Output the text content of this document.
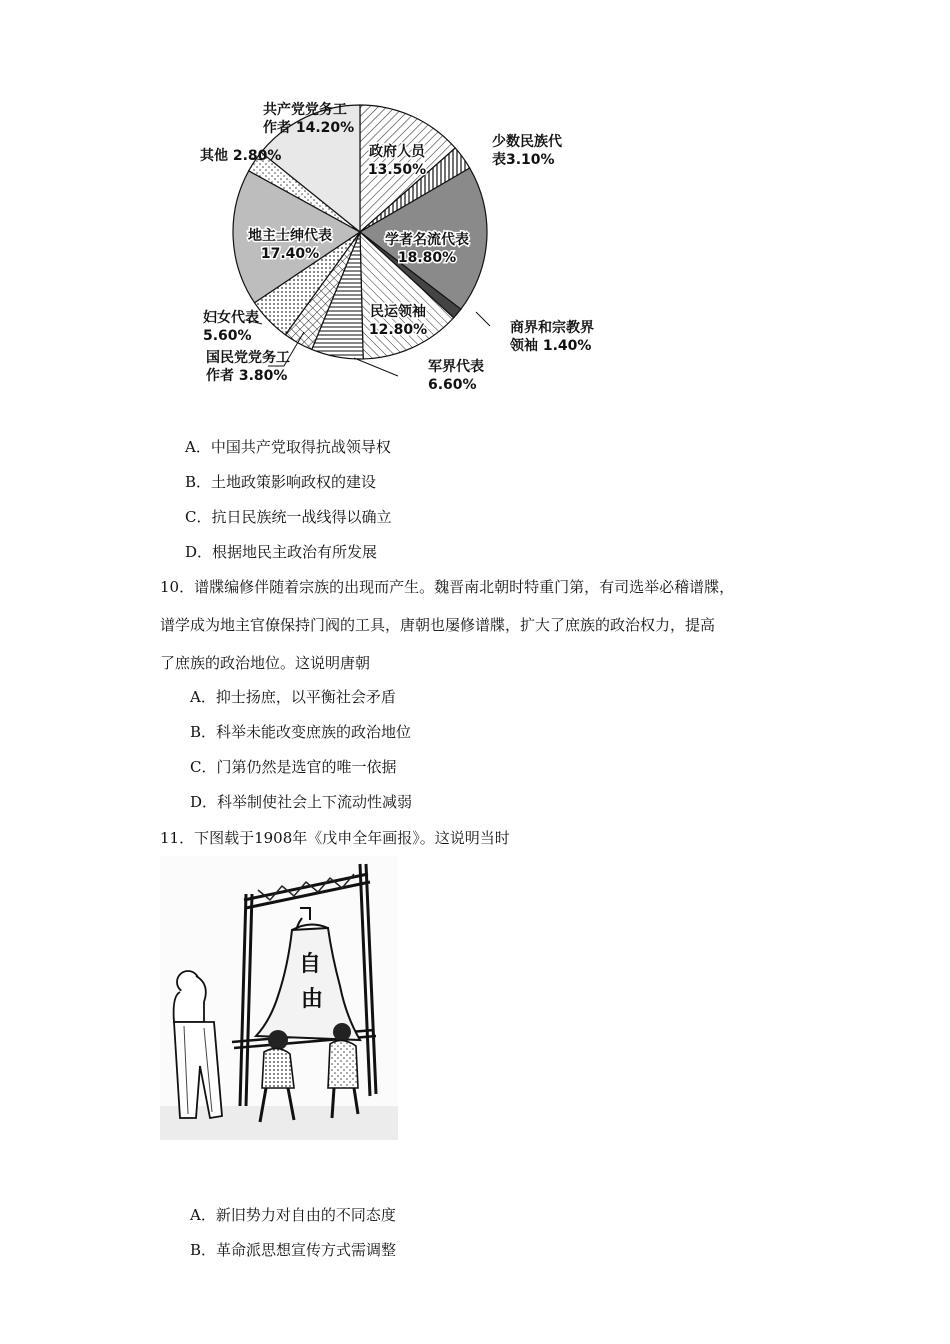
政府人员
13.50%
少数民族代
表3.10%
学者名流代表
18.80%
商界和宗教界
领袖 1.40%
民运领袖
12.80%
军界代表
6.60%
国民党党务工
作者 3.80%
妇女代表
5.60%
地主士绅代表
17.40%
其他 2.80%
共产党党务工
作者 14.20%
A．中国共产党取得抗战领导权
B．土地政策影响政权的建设
C．抗日民族统一战线得以确立
D．根据地民主政治有所发展
10．谱牒编修伴随着宗族的出现而产生。魏晋南北朝时特重门第，有司选举必稽谱牒，
谱学成为地主官僚保持门阀的工具，唐朝也屡修谱牒，扩大了庶族的政治权力，提高
了庶族的政治地位。这说明唐朝
A．抑士扬庶，以平衡社会矛盾
B．科举未能改变庶族的政治地位
C．门第仍然是选官的唯一依据
D．科举制使社会上下流动性减弱
11．下图载于1908年《戊申全年画报》。这说明当时
自
由
A．新旧势力对自由的不同态度
B．革命派思想宣传方式需调整
